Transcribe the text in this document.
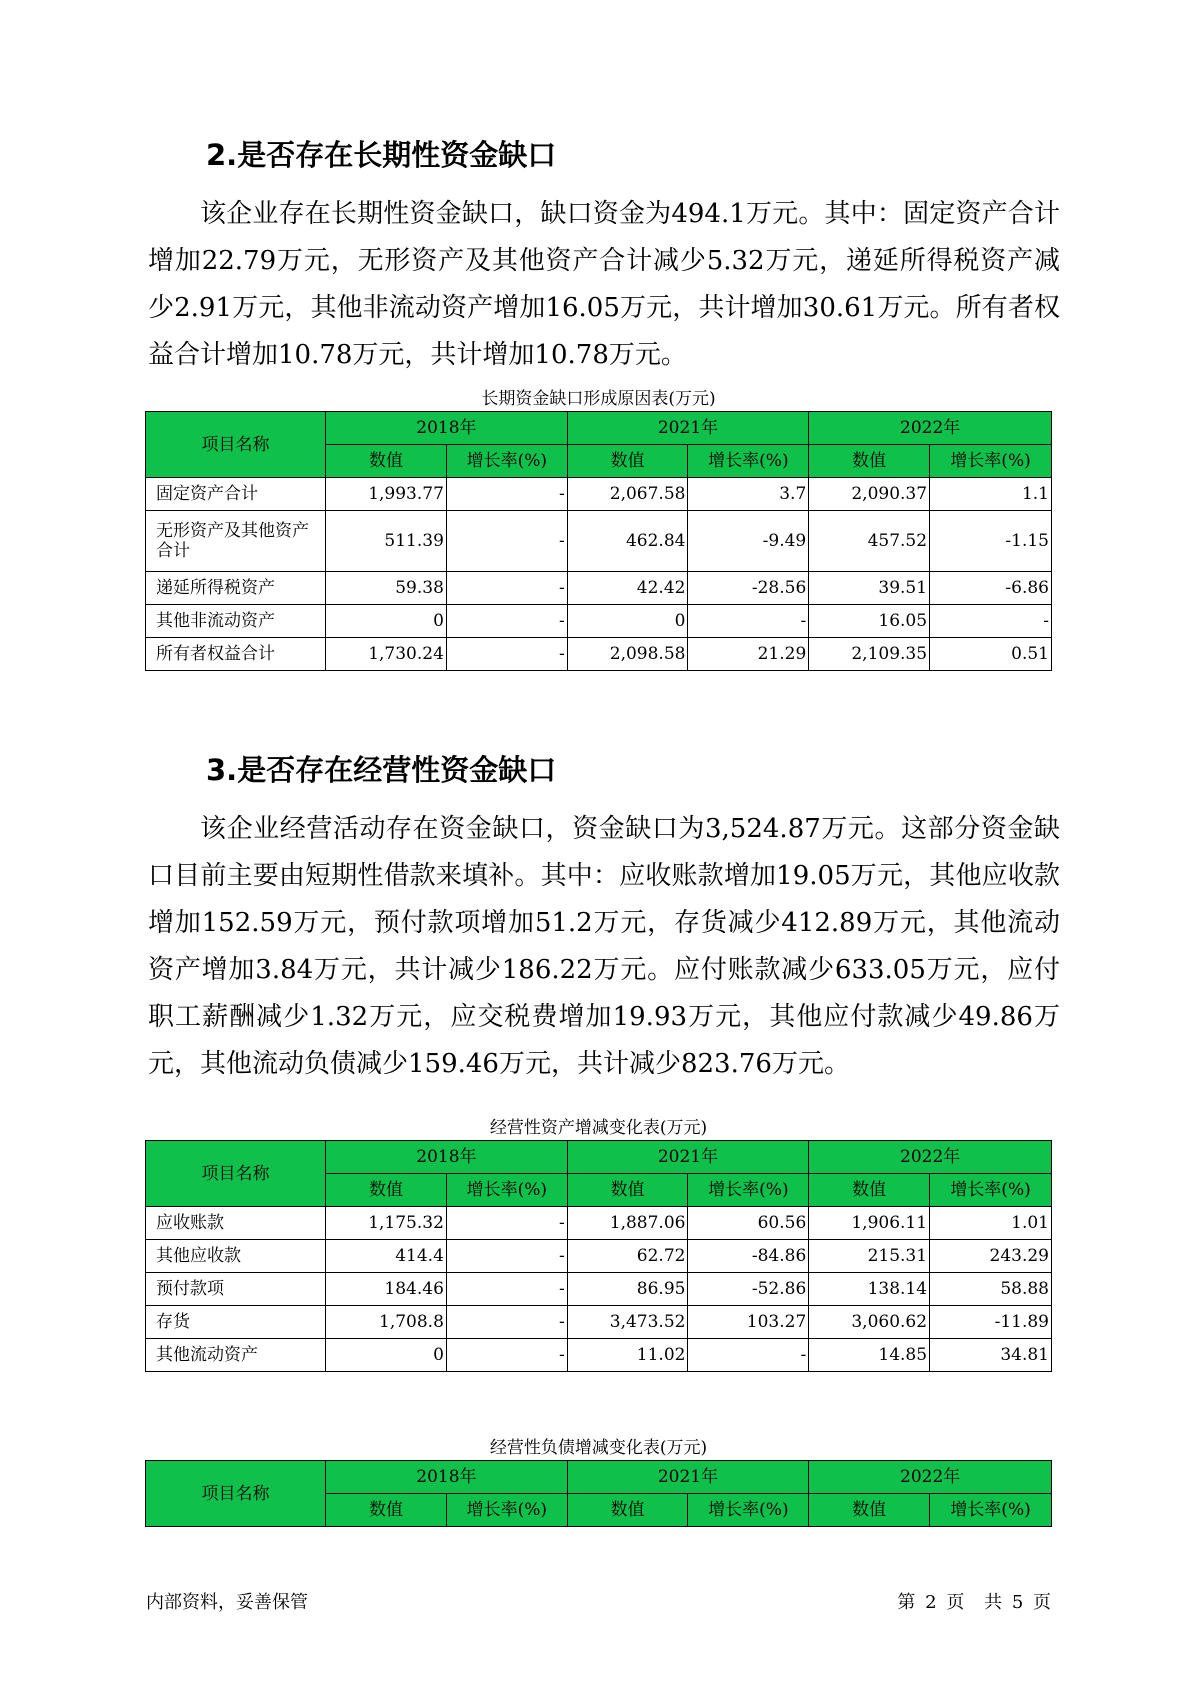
2.是否存在长期性资金缺口

该企业存在长期性资金缺口，缺口资金为494.1万元。其中：固定资产合计增加22.79万元，无形资产及其他资产合计减少5.32万元，递延所得税资产减少2.91万元，其他非流动资产增加16.05万元，共计增加30.61万元。所有者权益合计增加10.78万元，共计增加10.78万元。

长期资金缺口形成原因表(万元)
项目名称	2018年		2021年		2022年	
	数值	增长率(%)	数值	增长率(%)	数值	增长率(%)
固定资产合计	1,993.77	-	2,067.58	3.7	2,090.37	1.1
无形资产及其他资产合计	511.39	-	462.84	-9.49	457.52	-1.15
递延所得税资产	59.38	-	42.42	-28.56	39.51	-6.86
其他非流动资产	0	-	0	-	16.05	-
所有者权益合计	1,730.24	-	2,098.58	21.29	2,109.35	0.51
3.是否存在经营性资金缺口

该企业经营活动存在资金缺口，资金缺口为3,524.87万元。这部分资金缺口目前主要由短期性借款来填补。其中：应收账款增加19.05万元，其他应收款增加152.59万元，预付款项增加51.2万元，存货减少412.89万元，其他流动资产增加3.84万元，共计减少186.22万元。应付账款减少633.05万元，应付职工薪酬减少1.32万元，应交税费增加19.93万元，其他应付款减少49.86万元，其他流动负债减少159.46万元，共计减少823.76万元。

经营性资产增减变化表(万元)
项目名称	2018年		2021年		2022年	
	数值	增长率(%)	数值	增长率(%)	数值	增长率(%)
应收账款	1,175.32	-	1,887.06	60.56	1,906.11	1.01
其他应收款	414.4	-	62.72	-84.86	215.31	243.29
预付款项	184.46	-	86.95	-52.86	138.14	58.88
存货	1,708.8	-	3,473.52	103.27	3,060.62	-11.89
其他流动资产	0	-	11.02	-	14.85	34.81
经营性负债增减变化表(万元)
项目名称	2018年		2021年		2022年	
	数值	增长率(%)	数值	增长率(%)	数值	增长率(%)
内部资料，妥善保管	第 2 页 共 5 页
